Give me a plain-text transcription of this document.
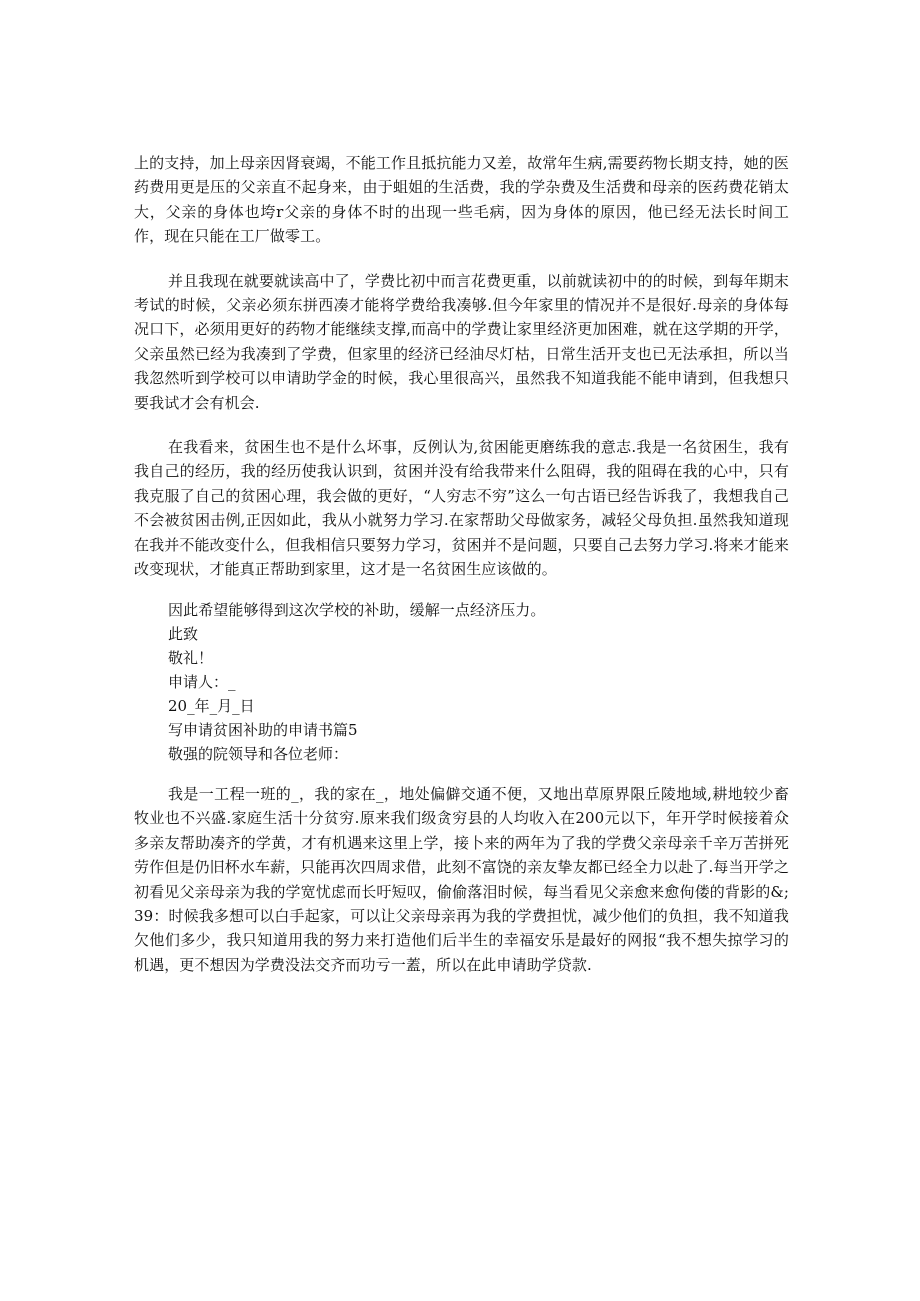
上的支持，加上母亲因肾衰竭，不能工作且抵抗能力又差，故常年生病,需要药物长期支持，她的医药费用更是压的父亲直不起身来，由于蛆姐的生活费，我的学杂费及生活费和母亲的医药费花销太大，父亲的身体也垮r父亲的身体不时的出现一些毛病，因为身体的原因，他已经无法长时间工作，现在只能在工厂做零工。

并且我现在就要就读高中了，学费比初中而言花费更重，以前就读初中的的时候，到每年期末考试的时候，父亲必须东拼西凑才能将学费给我凑够.但今年家里的情况并不是很好.母亲的身体每况口下，必须用更好的药物才能继续支撑,而高中的学费让家里经济更加困难，就在这学期的开学，父亲虽然已经为我凑到了学费，但家里的经济已经油尽灯枯，日常生活开支也已无法承担，所以当我忽然听到学校可以申请助学金的时候，我心里很高兴，虽然我不知道我能不能申请到，但我想只要我试才会有机会.

在我看来，贫困生也不是什么坏事，反例认为,贫困能更磨练我的意志.我是一名贫困生，我有我自己的经历，我的经历使我认识到，贫困并没有给我带来什么阻碍，我的阻碍在我的心中，只有我克服了自己的贫困心理，我会做的更好，“人穷志不穷”这么一句古语已经告诉我了，我想我自己不会被贫困击例,正因如此，我从小就努力学习.在家帮助父母做家务，减轻父母负担.虽然我知道现在我并不能改变什么，但我相信只要努力学习，贫困并不是问题，只要自己去努力学习.将来才能来改变现状，才能真正帮助到家里，这才是一名贫困生应该做的。

因此希望能够得到这次学校的补助，缓解一点经济压力。

此致

敬礼！

申请人：_

20_年_月_日

写申请贫困补助的申请书篇5

敬强的院领导和各位老师：

我是一工程一班的_，我的家在_，地处偏僻交通不便，又地出草原界限丘陵地域,耕地较少畜牧业也不兴盛.家庭生活十分贫穷.原来我们级贪穷县的人均收入在200元以下，年开学时候接着众多亲友帮助凑齐的学黄，才有机遇来这里上学，接卜来的两年为了我的学费父亲母亲千辛万苦拼死劳作但是仍旧杯水车薪，只能再次四周求借，此刻不富饶的亲友挚友都已经全力以赴了.每当开学之初看见父亲母亲为我的学宽忧虑而长吁短叹，偷偷落泪时候，每当看见父亲愈来愈佝偻的背影的&;39：时候我多想可以白手起家，可以让父亲母亲再为我的学费担忧，减少他们的负担，我不知道我欠他们多少，我只知道用我的努力来打造他们后半生的幸福安乐是最好的网报“我不想失掠学习的机遇，更不想因为学费没法交齐而功亏一蓋，所以在此申请助学贷款.
